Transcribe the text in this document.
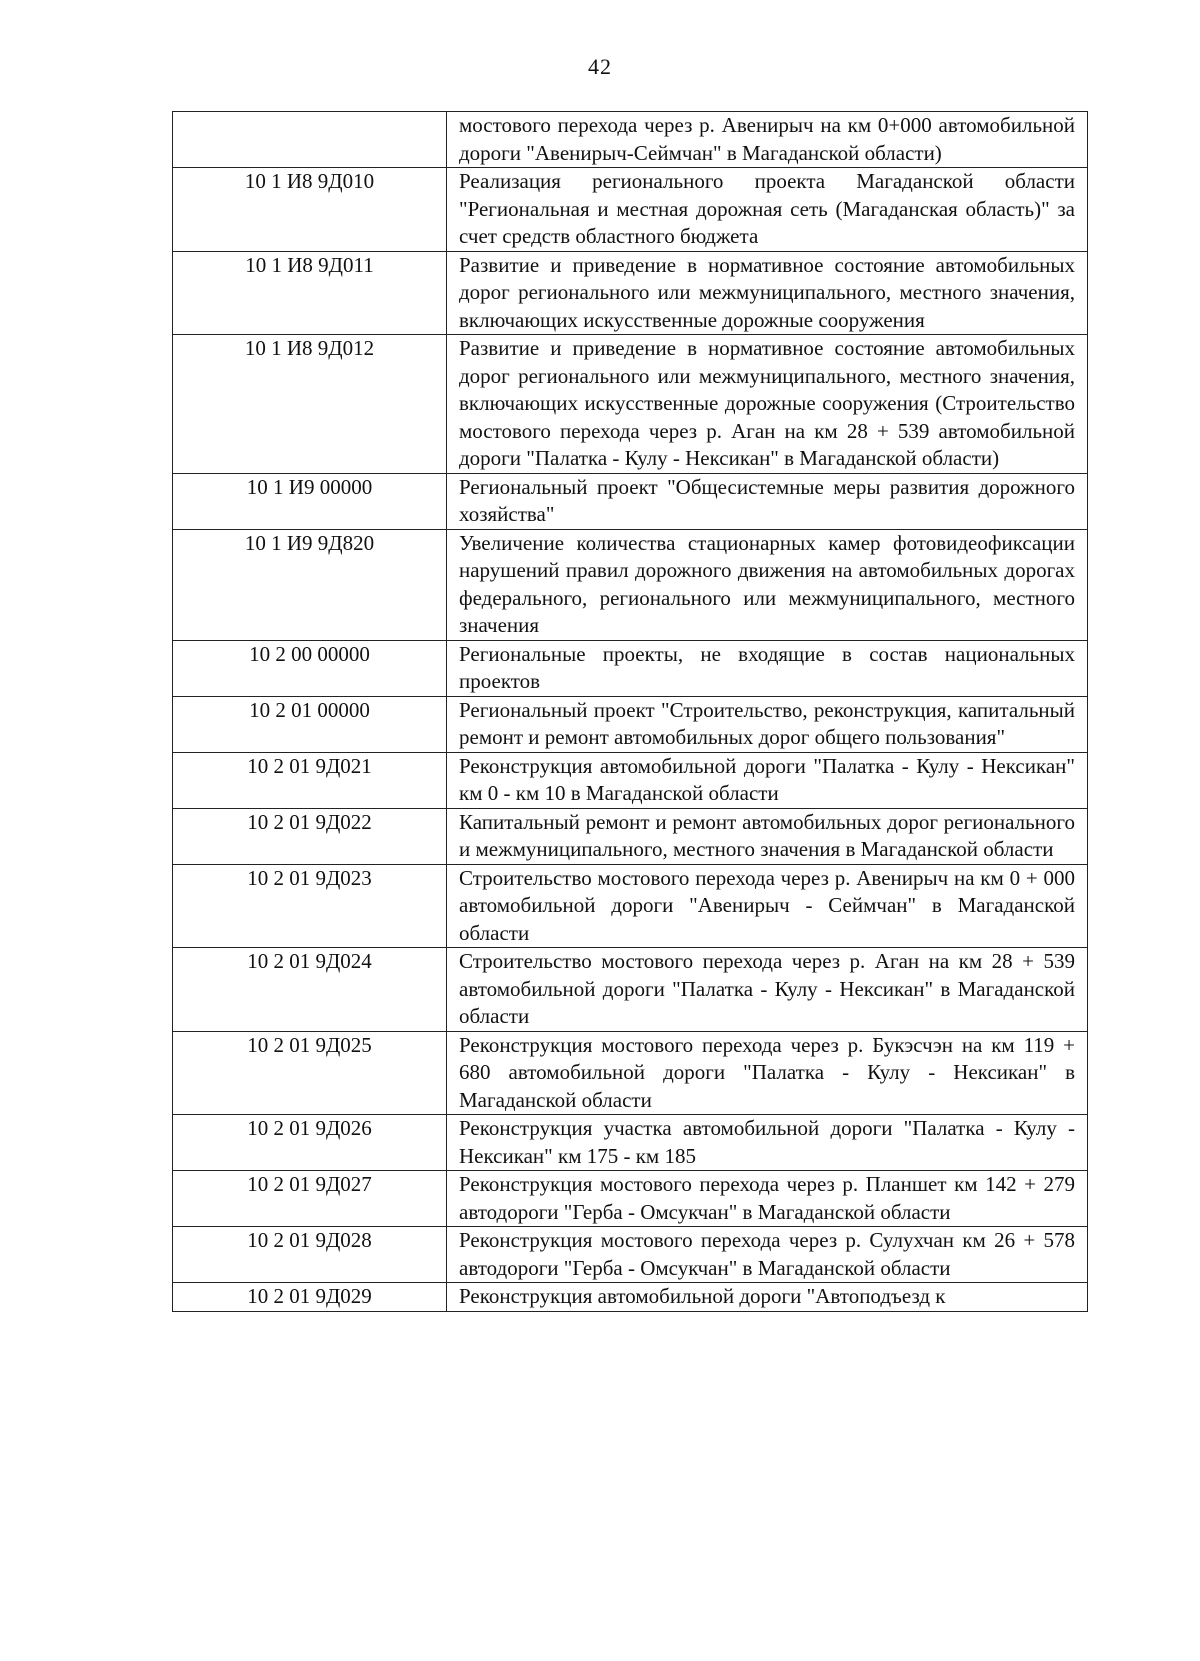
42
	мостового перехода через р. Авенирыч на км 0+000 автомобильной дороги "Авенирыч-Сеймчан" в Магаданской области)
10 1 И8 9Д010	Реализация регионального проекта Магаданской области "Региональная и местная дорожная сеть (Магаданская область)" за счет средств областного бюджета
10 1 И8 9Д011	Развитие и приведение в нормативное состояние автомобильных дорог регионального или межмуниципального, местного значения, включающих искусственные дорожные сооружения
10 1 И8 9Д012	Развитие и приведение в нормативное состояние автомобильных дорог регионального или межмуниципального, местного значения, включающих искусственные дорожные сооружения (Строительство мостового перехода через р. Аган на км 28 + 539 автомобильной дороги "Палатка - Кулу - Нексикан" в Магаданской области)
10 1 И9 00000	Региональный проект "Общесистемные меры развития дорожного хозяйства"
10 1 И9 9Д820	Увеличение количества стационарных камер фотовидеофиксации нарушений правил дорожного движения на автомобильных дорогах федерального, регионального или межмуниципального, местного значения
10 2 00 00000	Региональные проекты, не входящие в состав национальных проектов
10 2 01 00000	Региональный проект "Строительство, реконструкция, капитальный ремонт и ремонт автомобильных дорог общего пользования"
10 2 01 9Д021	Реконструкция автомобильной дороги "Палатка - Кулу - Нексикан" км 0 - км 10 в Магаданской области
10 2 01 9Д022	Капитальный ремонт и ремонт автомобильных дорог регионального и межмуниципального, местного значения в Магаданской области
10 2 01 9Д023	Строительство мостового перехода через р. Авенирыч на км 0 + 000 автомобильной дороги "Авенирыч - Сеймчан" в Магаданской области
10 2 01 9Д024	Строительство мостового перехода через р. Аган на км 28 + 539 автомобильной дороги "Палатка - Кулу - Нексикан" в Магаданской области
10 2 01 9Д025	Реконструкция мостового перехода через р. Букэсчэн на км 119 + 680 автомобильной дороги "Палатка - Кулу - Нексикан" в Магаданской области
10 2 01 9Д026	Реконструкция участка автомобильной дороги "Палатка - Кулу - Нексикан" км 175 - км 185
10 2 01 9Д027	Реконструкция мостового перехода через р. Планшет км 142 + 279 автодороги "Герба - Омсукчан" в Магаданской области
10 2 01 9Д028	Реконструкция мостового перехода через р. Сулухчан км 26 + 578 автодороги "Герба - Омсукчан" в Магаданской области
10 2 01 9Д029	Реконструкция автомобильной дороги "Автоподъезд к
